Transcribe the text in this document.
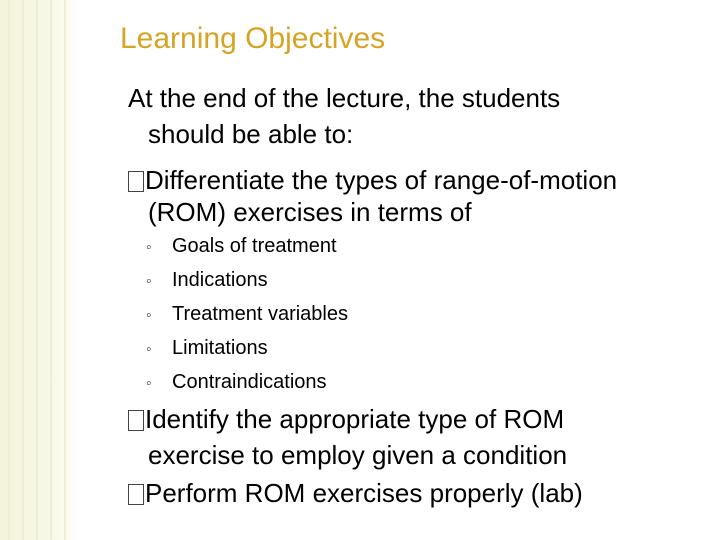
Learning Objectives
At the end of the lecture, the students
should be able to:
Differentiate the types of range-of-motion
(ROM) exercises in terms of
◦ Goals of treatment
◦ Indications
◦ Treatment variables
◦ Limitations
◦ Contraindications
Identify the appropriate type of ROM
exercise to employ given a condition
Perform ROM exercises properly (lab)
